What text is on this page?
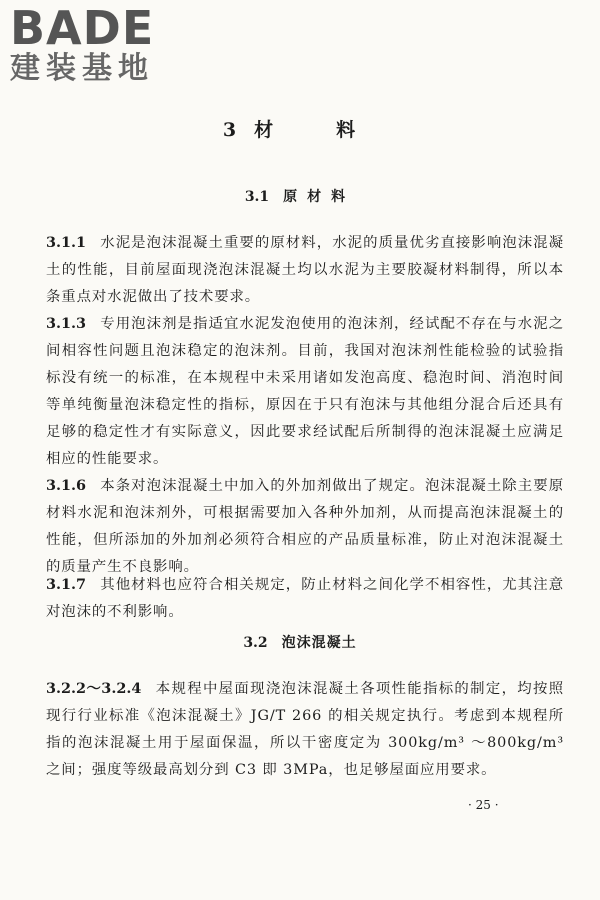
BADE
建装基地
3 材　料
3.1 原材料

3.1.1 水泥是泡沫混凝土重要的原材料，水泥的质量优劣直接影响泡沫混凝土的性能，目前屋面现浇泡沫混凝土均以水泥为主要胶凝材料制得，所以本条重点对水泥做出了技术要求。

3.1.3 专用泡沫剂是指适宜水泥发泡使用的泡沫剂，经试配不存在与水泥之间相容性问题且泡沫稳定的泡沫剂。目前，我国对泡沫剂性能检验的试验指标没有统一的标准，在本规程中未采用诸如发泡高度、稳泡时间、消泡时间等单纯衡量泡沫稳定性的指标，原因在于只有泡沫与其他组分混合后还具有足够的稳定性才有实际意义，因此要求经试配后所制得的泡沫混凝土应满足相应的性能要求。

3.1.6 本条对泡沫混凝土中加入的外加剂做出了规定。泡沫混凝土除主要原材料水泥和泡沫剂外，可根据需要加入各种外加剂，从而提高泡沫混凝土的性能，但所添加的外加剂必须符合相应的产品质量标准，防止对泡沫混凝土的质量产生不良影响。

3.1.7 其他材料也应符合相关规定，防止材料之间化学不相容性，尤其注意对泡沫的不利影响。

3.2 泡沫混凝土

3.2.2～3.2.4 本规程中屋面现浇泡沫混凝土各项性能指标的制定，均按照现行行业标准《泡沫混凝土》JG/T 266 的相关规定执行。考虑到本规程所指的泡沫混凝土用于屋面保温，所以干密度定为 300kg/m³ ～800kg/m³ 之间；强度等级最高划分到 C3 即 3MPa，也足够屋面应用要求。

· 25 ·
